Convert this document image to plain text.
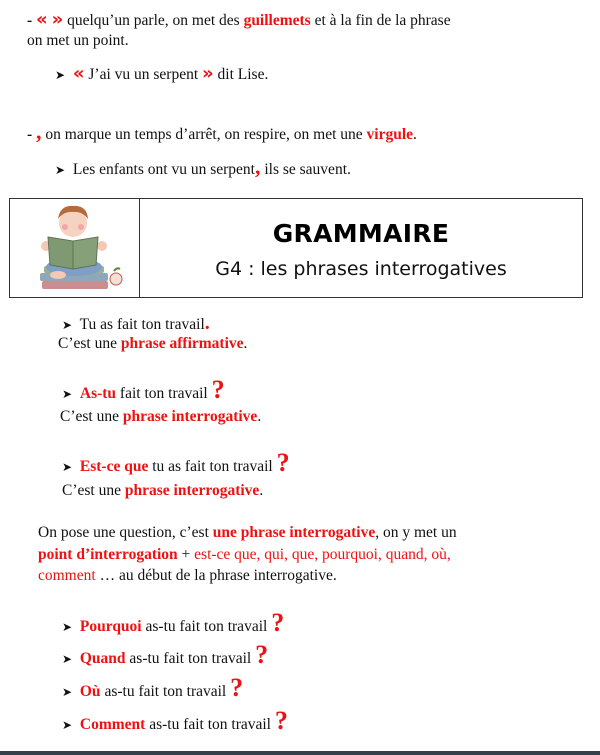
- « » quelqu’un parle, on met des guillemets et à la fin de la phrase
on met un point.
➤ « J’ai vu un serpent » dit Lise.
- , on marque un temps d’arrêt, on respire, on met une virgule.
➤ Les enfants ont vu un serpent, ils se sauvent.
GRAMMAIRE
G4 : les phrases interrogatives
➤ Tu as fait ton travail.
C’est une phrase affirmative.
➤ As-tu fait ton travail ?
C’est une phrase interrogative.
➤ Est-ce que tu as fait ton travail ?
C’est une phrase interrogative.
On pose une question, c’est une phrase interrogative, on y met un
point d’interrogation + est-ce que, qui, que, pourquoi, quand, où,
comment … au début de la phrase interrogative.
➤ Pourquoi as-tu fait ton travail ?
➤ Quand as-tu fait ton travail ?
➤ Où as-tu fait ton travail ?
➤ Comment as-tu fait ton travail ?
